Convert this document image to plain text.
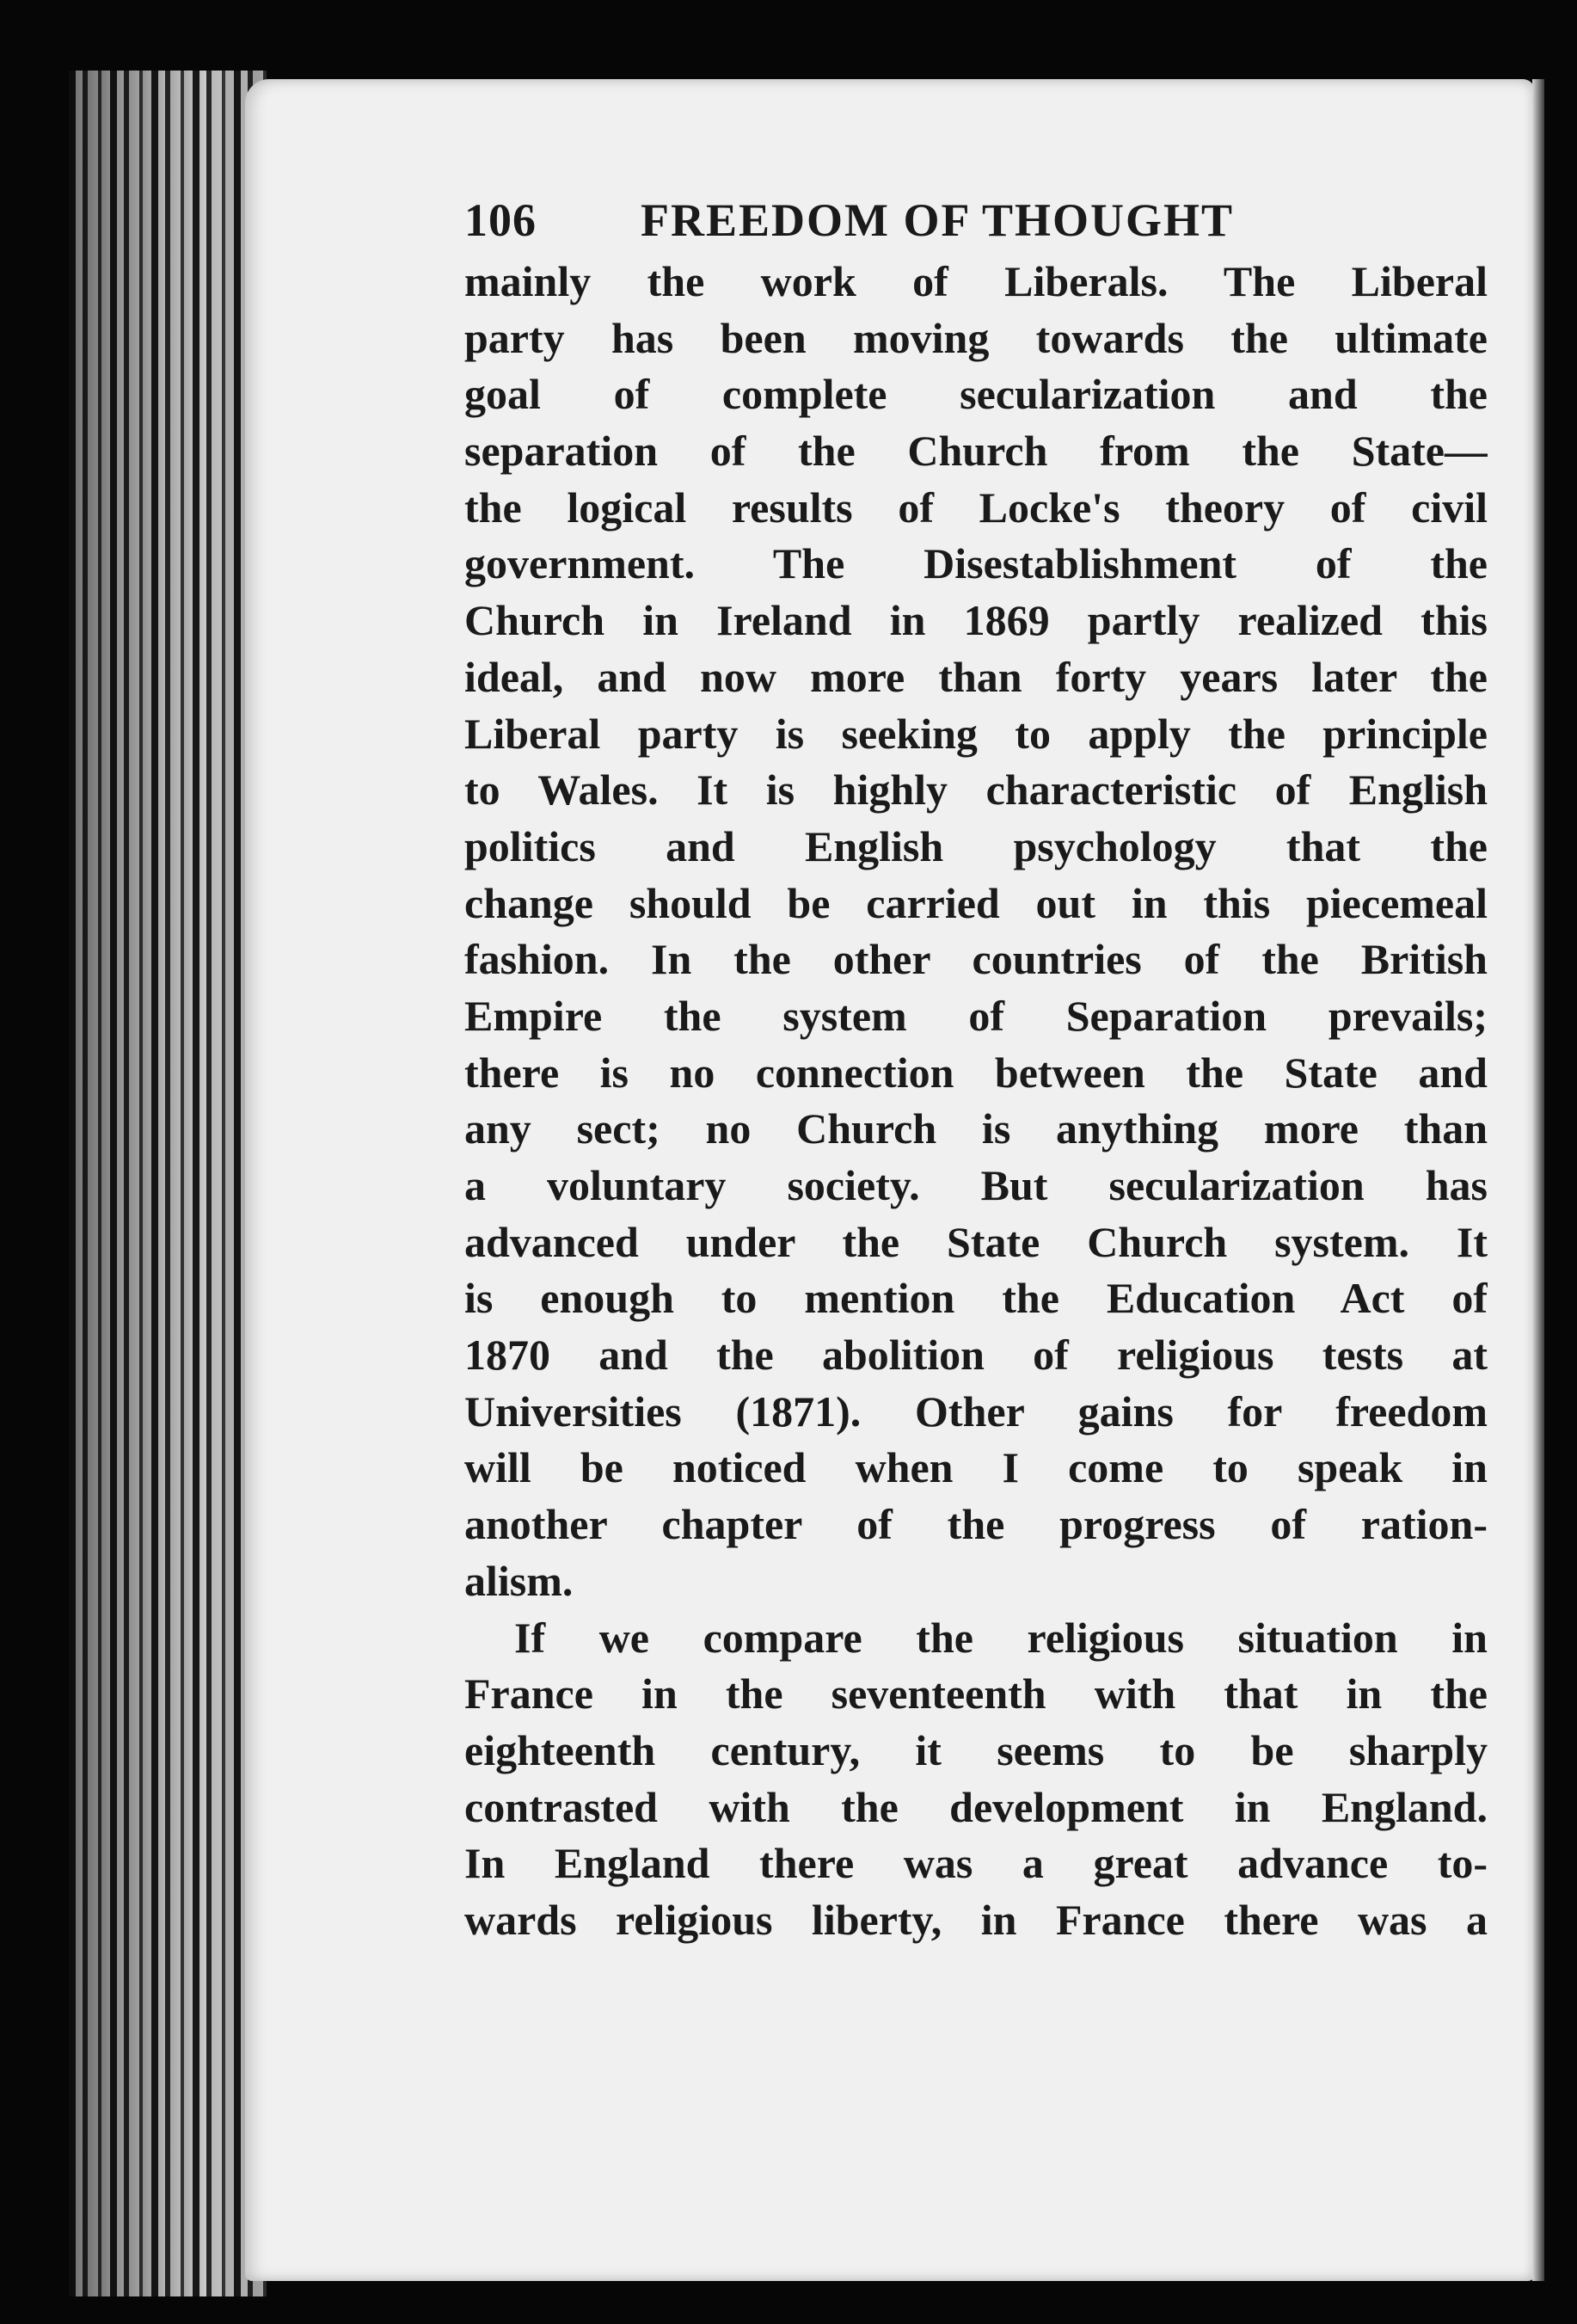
106 FREEDOM OF THOUGHT
mainly the work of Liberals. The Liberal
party has been moving towards the ultimate
goal of complete secularization and the
separation of the Church from the State—
the logical results of Locke's theory of civil
government. The Disestablishment of the
Church in Ireland in 1869 partly realized this
ideal, and now more than forty years later the
Liberal party is seeking to apply the principle
to Wales. It is highly characteristic of English
politics and English psychology that the
change should be carried out in this piecemeal
fashion. In the other countries of the British
Empire the system of Separation prevails;
there is no connection between the State and
any sect; no Church is anything more than
a voluntary society. But secularization has
advanced under the State Church system. It
is enough to mention the Education Act of
1870 and the abolition of religious tests at
Universities (1871). Other gains for freedom
will be noticed when I come to speak in
another chapter of the progress of ration-
alism.
If we compare the religious situation in
France in the seventeenth with that in the
eighteenth century, it seems to be sharply
contrasted with the development in England.
In England there was a great advance to-
wards religious liberty, in France there was a
